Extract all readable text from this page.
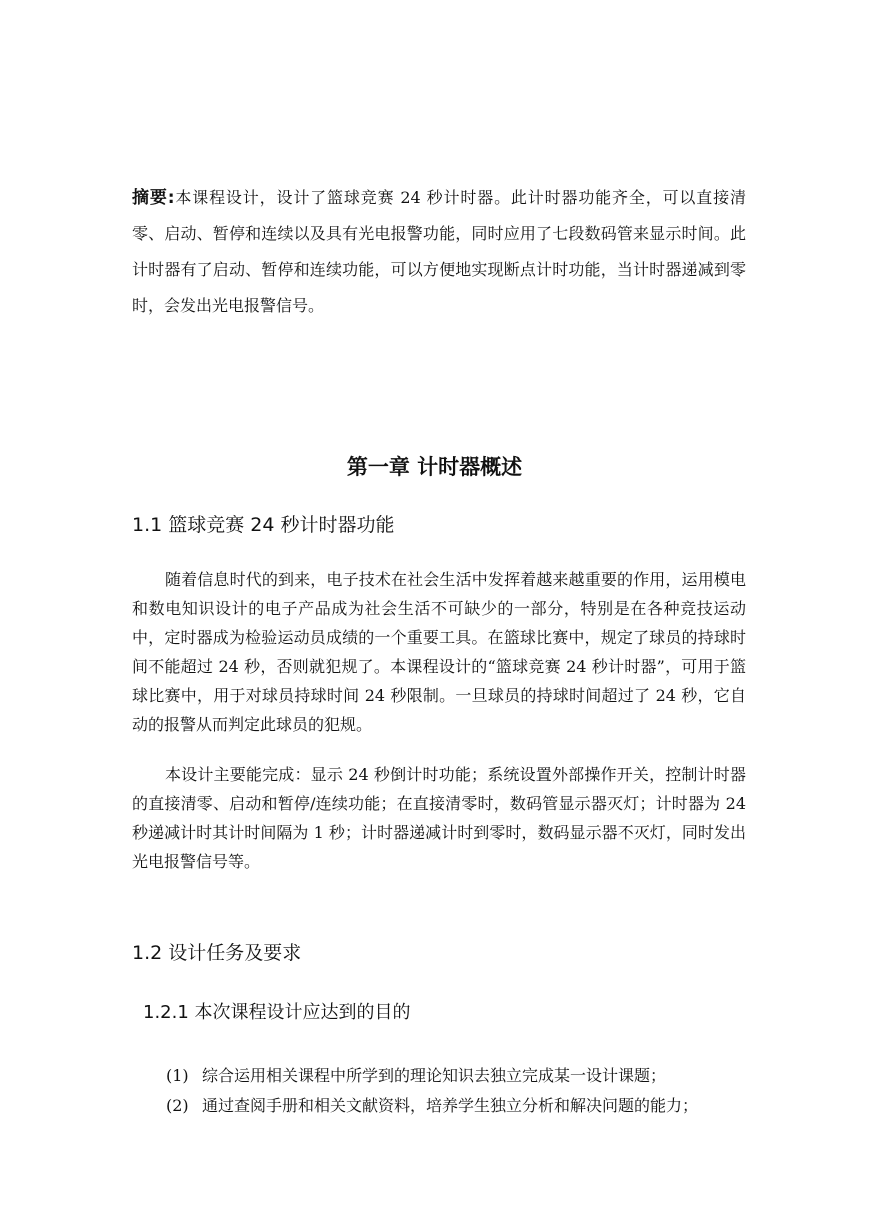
摘要:本课程设计，设计了篮球竞赛 24 秒计时器。此计时器功能齐全，可以直接清零、启动、暂停和连续以及具有光电报警功能，同时应用了七段数码管来显示时间。此计时器有了启动、暂停和连续功能，可以方便地实现断点计时功能，当计时器递减到零时，会发出光电报警信号。

第一章 计时器概述
1.1 篮球竞赛 24 秒计时器功能

随着信息时代的到来，电子技术在社会生活中发挥着越来越重要的作用，运用模电和数电知识设计的电子产品成为社会生活不可缺少的一部分，特别是在各种竞技运动中，定时器成为检验运动员成绩的一个重要工具。在篮球比赛中，规定了球员的持球时间不能超过 24 秒，否则就犯规了。本课程设计的“篮球竞赛 24 秒计时器”，可用于篮球比赛中，用于对球员持球时间 24 秒限制。一旦球员的持球时间超过了 24 秒，它自动的报警从而判定此球员的犯规。

本设计主要能完成：显示 24 秒倒计时功能；系统设置外部操作开关，控制计时器的直接清零、启动和暂停/连续功能；在直接清零时，数码管显示器灭灯；计时器为 24 秒递减计时其计时间隔为 1 秒；计时器递减计时到零时，数码显示器不灭灯，同时发出光电报警信号等。

1.2 设计任务及要求
1.2.1 本次课程设计应达到的目的
(1) 综合运用相关课程中所学到的理论知识去独立完成某一设计课题；
(2) 通过查阅手册和相关文献资料，培养学生独立分析和解决问题的能力；
